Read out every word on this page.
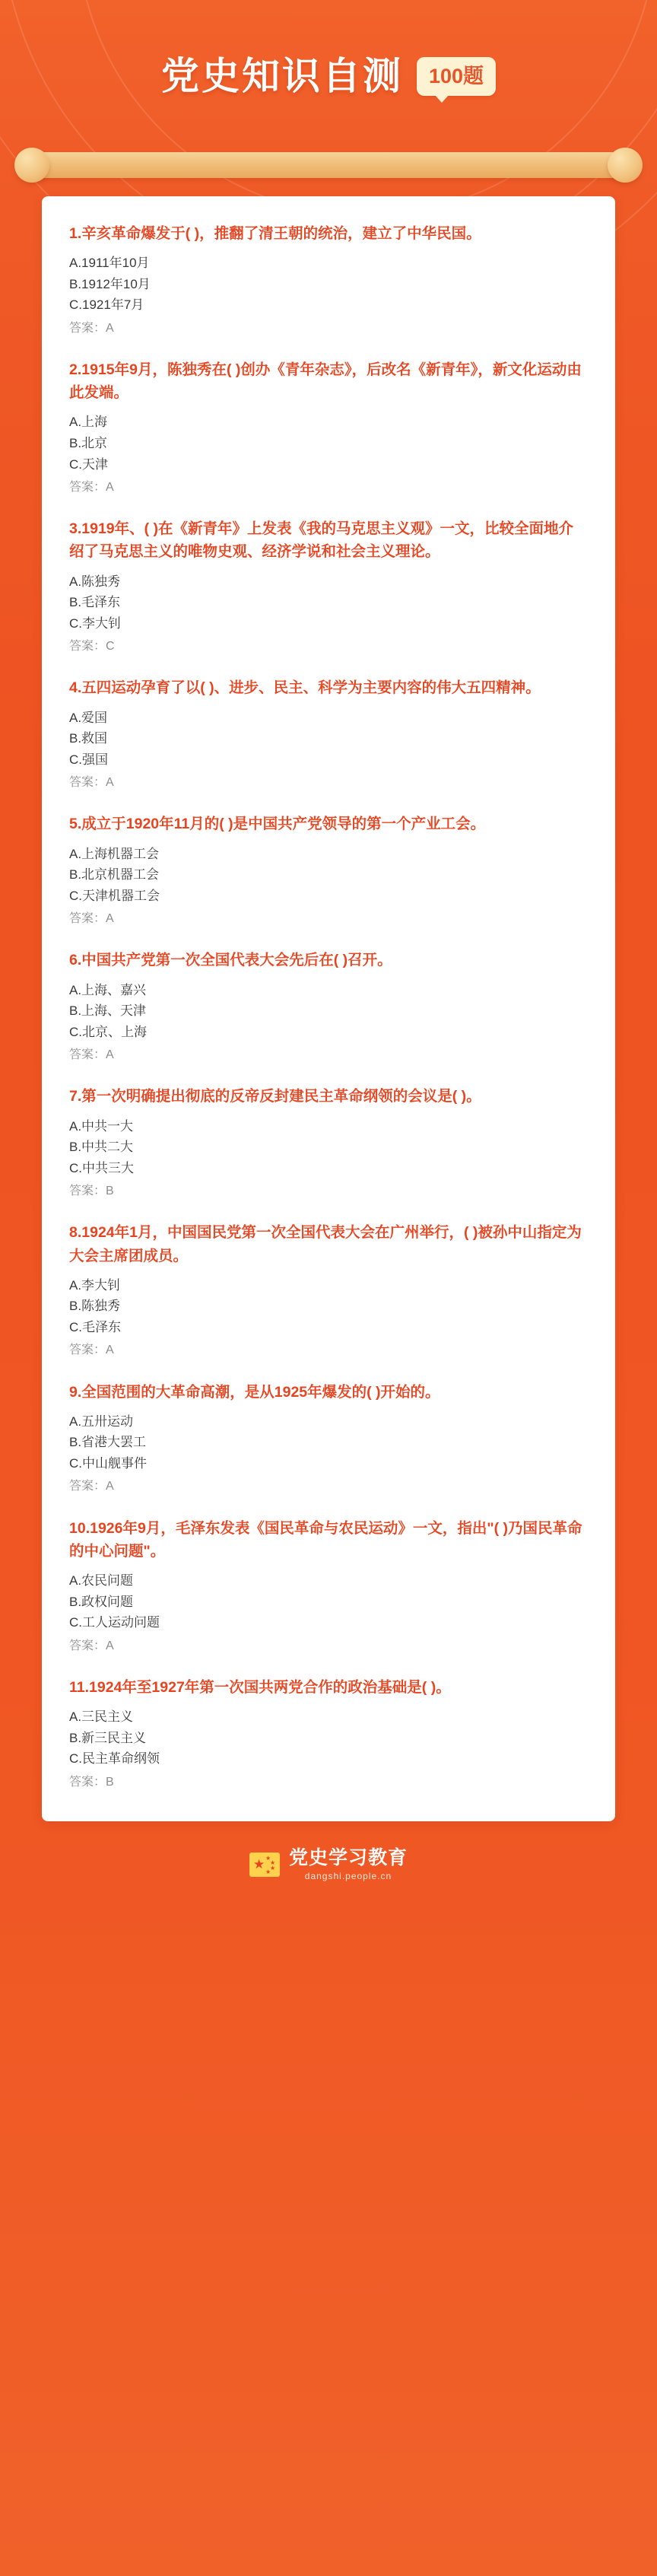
党史知识自测	100题

1.辛亥革命爆发于( )，推翻了清王朝的统治，建立了中华民国。

A.1911年10月

B.1912年10月

C.1921年7月

答案：A

2.1915年9月，陈独秀在( )创办《青年杂志》，后改名《新青年》，新文化运动由此发端。

A.上海

B.北京

C.天津

答案：A

3.1919年、( )在《新青年》上发表《我的马克思主义观》一文，比较全面地介绍了马克思主义的唯物史观、经济学说和社会主义理论。

A.陈独秀

B.毛泽东

C.李大钊

答案：C

4.五四运动孕育了以( )、进步、民主、科学为主要内容的伟大五四精神。

A.爱国

B.救国

C.强国

答案：A

5.成立于1920年11月的( )是中国共产党领导的第一个产业工会。

A.上海机器工会

B.北京机器工会

C.天津机器工会

答案：A

6.中国共产党第一次全国代表大会先后在( )召开。

A.上海、嘉兴

B.上海、天津

C.北京、上海

答案：A

7.第一次明确提出彻底的反帝反封建民主革命纲领的会议是( )。

A.中共一大

B.中共二大

C.中共三大

答案：B

8.1924年1月，中国国民党第一次全国代表大会在广州举行，( )被孙中山指定为大会主席团成员。

A.李大钊

B.陈独秀

C.毛泽东

答案：A

9.全国范围的大革命高潮，是从1925年爆发的( )开始的。

A.五卅运动

B.省港大罢工

C.中山舰事件

答案：A

10.1926年9月，毛泽东发表《国民革命与农民运动》一文，指出"( )乃国民革命的中心问题"。

A.农民问题

B.政权问题

C.工人运动问题

答案：A

11.1924年至1927年第一次国共两党合作的政治基础是( )。

A.三民主义

B.新三民主义

C.民主革命纲领

答案：B

★ ★
★
★
★
党史学习教育
dangshi.people.cn
